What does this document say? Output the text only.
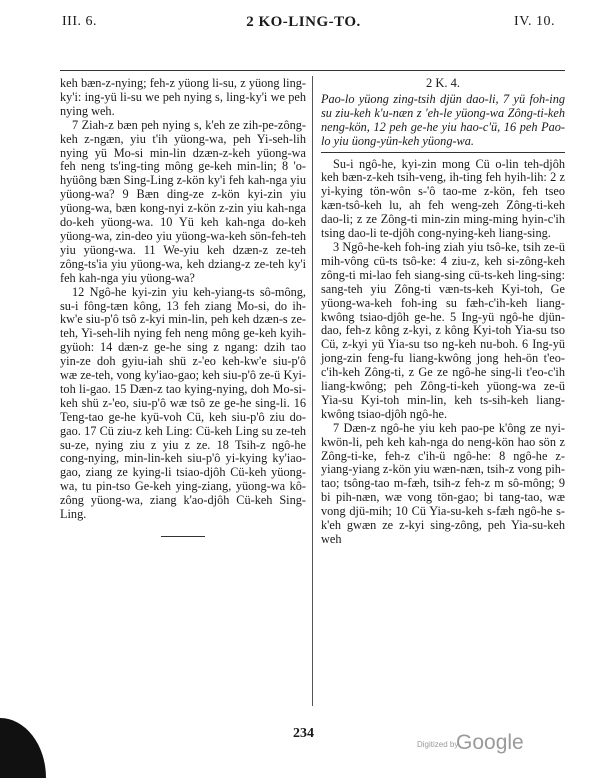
III. 6.	2 KO-LING-TO.	IV. 10.

keh bæn-z-nying; feh-z yüong li-su, z yüong ling-ky'i: ing-yü li-su we peh nying s, ling-ky'i we peh nying weh.

7 Ziah-z bæn peh nying s, k'eh ze zih-pe-zông-keh z-ngæn, yiu t'ih yüong-wa, peh Yi-seh-lih nying yü Mo-si min-lin dzæn-z-keh yüong-wa feh neng ts'ing-ting mông ge-keh min-lin; 8 'o-hyüông bæn Sing-Ling z-kön ky'i feh kah-nga yiu yüong-wa? 9 Bæn ding-ze z-kön kyi-zin yiu yüong-wa, bæn kong-nyi z-kön z-zin yiu kah-nga do-keh yüong-wa. 10 Yü keh kah-nga do-keh yüong-wa, zin-deo yiu yüong-wa-keh sön-feh-teh yiu yüong-wa. 11 We-yiu keh dzæn-z ze-teh zông-ts'ia yiu yüong-wa, keh dziang-z ze-teh ky'i feh kah-nga yiu yüong-wa?

12 Ngô-he kyi-zin yiu keh-yiang-ts sô-mông, su-i fông-tæn kông, 13 feh ziang Mo-si, do ih-kw'e siu-p'ô tsô z-kyi min-lin, peh keh dzæn-s ze-teh, Yi-seh-lih nying feh neng mông ge-keh kyih-gyüoh: 14 dæn-z ge-he sing z ngang: dzih tao yin-ze doh gyiu-iah shü z-'eo keh-kw'e siu-p'ô wæ ze-teh, vong ky'iao-gao; keh siu-p'ô ze-ü Kyi-toh li-gao. 15 Dæn-z tao kying-nying, doh Mo-si-keh shü z-'eo, siu-p'ô wæ tsô ze ge-he sing-li. 16 Teng-tao ge-he kyü-voh Cü, keh siu-p'ô ziu do-gao. 17 Cü ziu-z keh Ling: Cü-keh Ling su ze-teh su-ze, nying ziu z yiu z ze. 18 Tsih-z ngô-he cong-nying, min-lin-keh siu-p'ô yi-kying ky'iao-gao, ziang ze kying-li tsiao-djôh Cü-keh yüong-wa, tu pin-tso Ge-keh ying-ziang, yüong-wa kô-zông yüong-wa, ziang k'ao-djôh Cü-keh Sing-Ling.

2 K. 4.

Pao-lo yüong zing-tsih djün dao-li, 7 yü foh-ing su ziu-keh k'u-næn z 'eh-le yüong-wa Zông-ti-keh neng-kön, 12 peh ge-he yiu hao-c'ü, 16 peh Pao-lo yiu üong-yün-keh yüong-wa.

Su-i ngô-he, kyi-zin mong Cü o-lin teh-djôh keh bæn-z-keh tsih-veng, ih-ting feh hyih-lih: 2 z yi-kying tön-wôn s-'ô tao-me z-kön, feh tseo kæn-tsô-keh lu, ah feh weng-zeh Zông-ti-keh dao-li; z ze Zông-ti min-zin ming-ming hyin-c'ih tsing dao-li te-djôh cong-nying-keh liang-sing.

3 Ngô-he-keh foh-ing ziah yiu tsô-ke, tsih ze-ü mih-vông cü-ts tsô-ke: 4 ziu-z, keh si-zông-keh zông-ti mi-lao feh siang-sing cü-ts-keh ling-sing: sang-teh yiu Zông-ti væn-ts-keh Kyi-toh, Ge yüong-wa-keh foh-ing su fæh-c'ih-keh liang-kwông tsiao-djôh ge-he. 5 Ing-yü ngô-he djün-dao, feh-z kông z-kyi, z kông Kyi-toh Yia-su tso Cü, z-kyi yü Yia-su tso ng-keh nu-boh. 6 Ing-yü jong-zin feng-fu liang-kwông jong heh-ön t'eo-c'ih-keh Zông-ti, z Ge ze ngô-he sing-li t'eo-c'ih liang-kwông; peh Zông-ti-keh yüong-wa ze-ü Yia-su Kyi-toh min-lin, keh ts-sih-keh liang-kwông tsiao-djôh ngô-he.

7 Dæn-z ngô-he yiu keh pao-pe k'ông ze nyi-kwön-li, peh keh kah-nga do neng-kön hao sön z Zông-ti-ke, feh-z c'ih-ü ngô-he: 8 ngô-he z-yiang-yiang z-kön yiu wæn-næn, tsih-z vong pih-tao; tsông-tao m-fæh, tsih-z feh-z m sô-mông; 9 bi pih-næn, wæ vong tön-gao; bi tang-tao, wæ vong djü-mih; 10 Cü Yia-su-keh s-fæh ngô-he s-k'eh gwæn ze z-kyi sing-zông, peh Yia-su-keh weh

234
Digitized by
Google
